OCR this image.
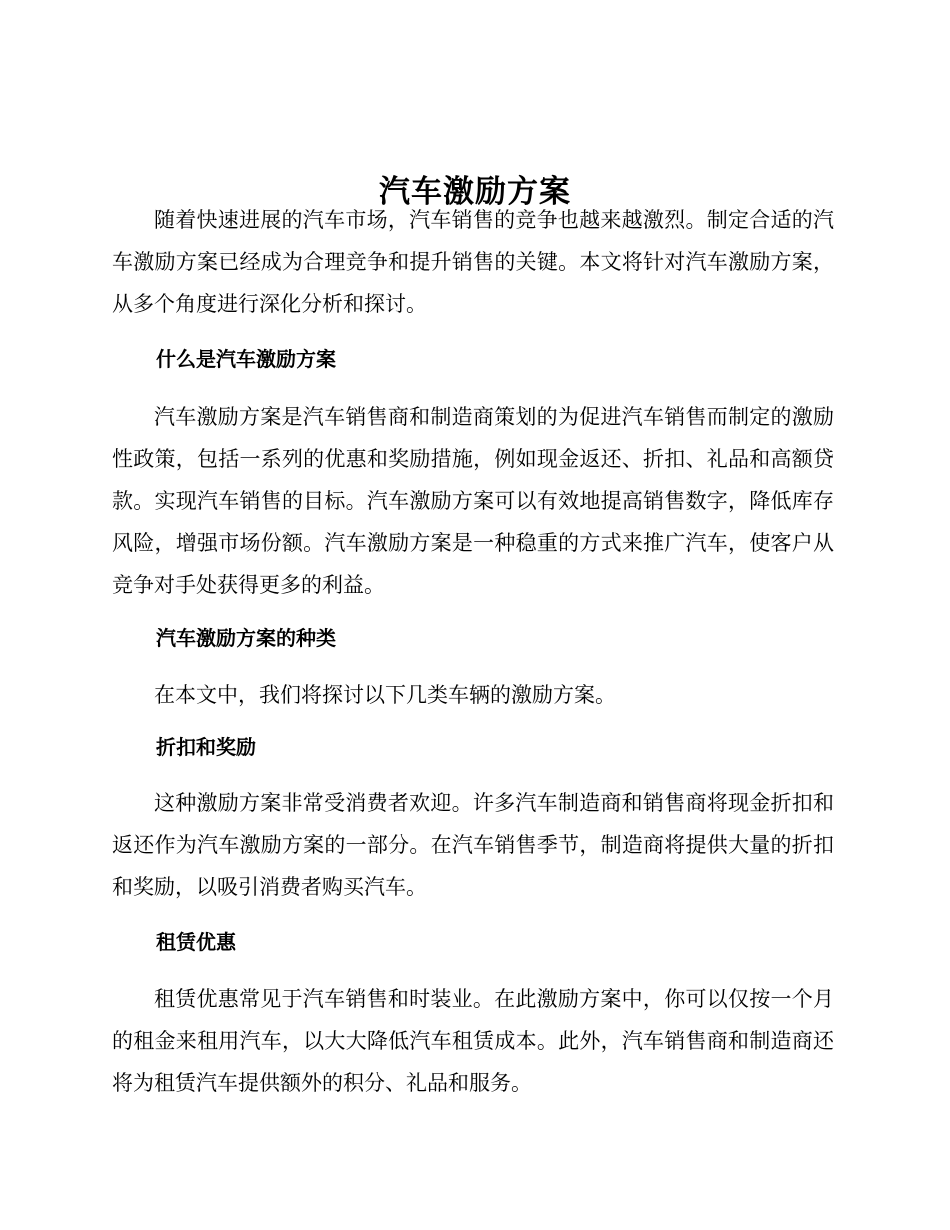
汽车激励方案

随着快速进展的汽车市场，汽车销售的竞争也越来越激烈。制定合适的汽车激励方案已经成为合理竞争和提升销售的关键。本文将针对汽车激励方案，从多个角度进行深化分析和探讨。

什么是汽车激励方案

汽车激励方案是汽车销售商和制造商策划的为促进汽车销售而制定的激励性政策，包括一系列的优惠和奖励措施，例如现金返还、折扣、礼品和高额贷款。实现汽车销售的目标。汽车激励方案可以有效地提高销售数字，降低库存风险，增强市场份额。汽车激励方案是一种稳重的方式来推广汽车，使客户从竞争对手处获得更多的利益。

汽车激励方案的种类

在本文中，我们将探讨以下几类车辆的激励方案。

折扣和奖励

这种激励方案非常受消费者欢迎。许多汽车制造商和销售商将现金折扣和返还作为汽车激励方案的一部分。在汽车销售季节，制造商将提供大量的折扣和奖励，以吸引消费者购买汽车。

租赁优惠

租赁优惠常见于汽车销售和时装业。在此激励方案中，你可以仅按一个月的租金来租用汽车，以大大降低汽车租赁成本。此外，汽车销售商和制造商还将为租赁汽车提供额外的积分、礼品和服务。
